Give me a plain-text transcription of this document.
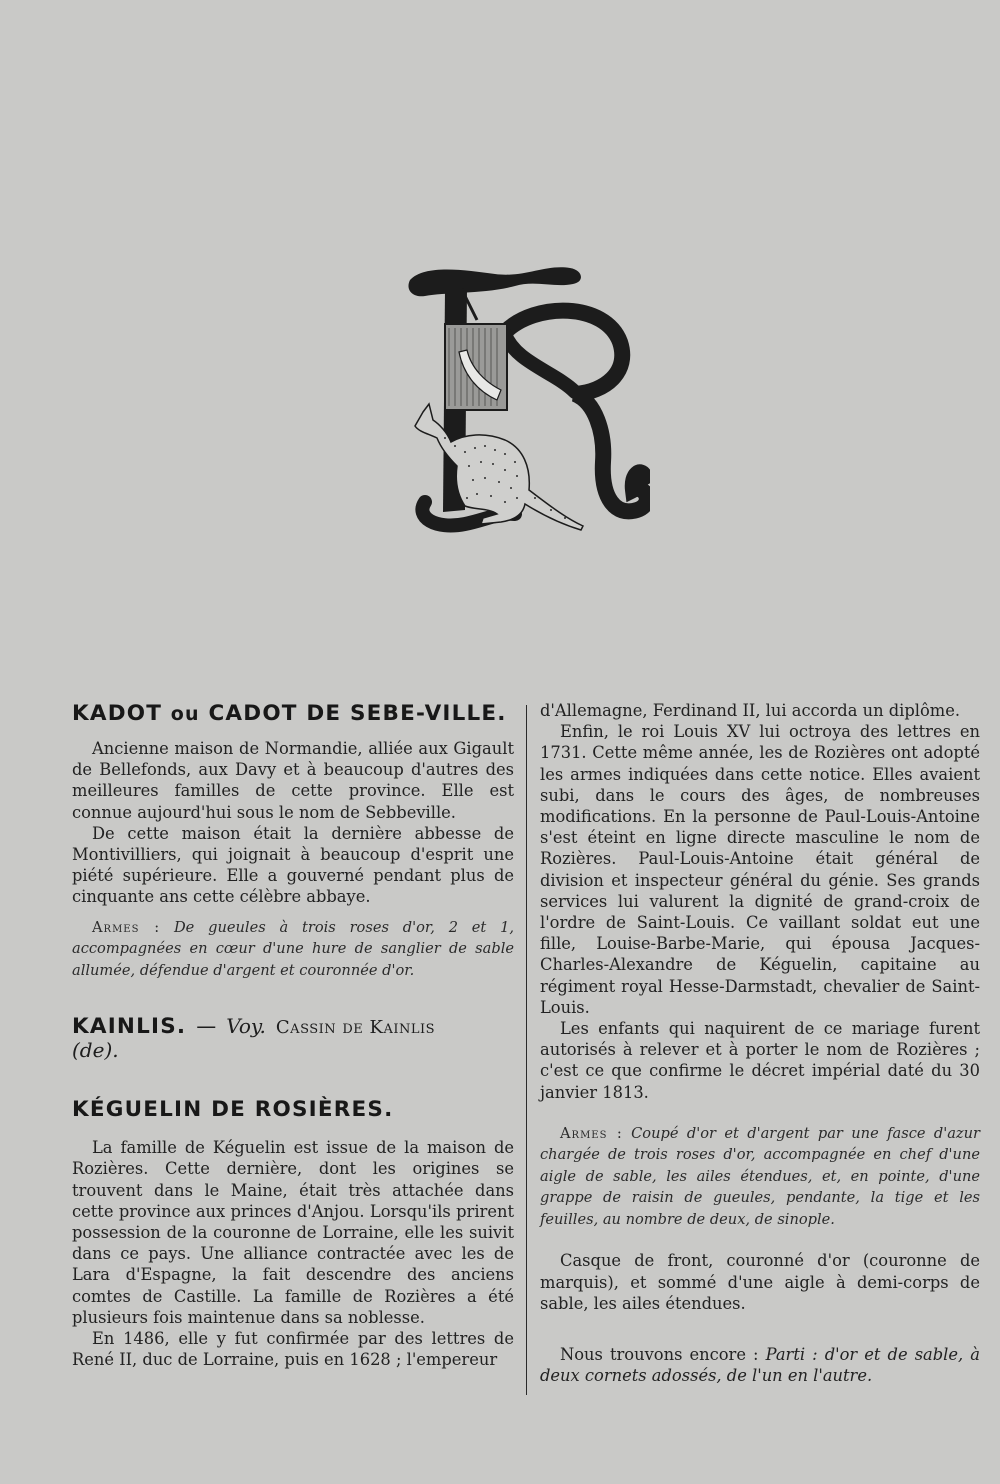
KADOT ou CADOT DE SEBE-VILLE.

Ancienne maison de Normandie, alliée aux Gigault de Bellefonds, aux Davy et à beaucoup d'autres des meilleures familles de cette province. Elle est connue aujourd'hui sous le nom de Sebbeville.

De cette maison était la dernière abbesse de Montivilliers, qui joignait à beaucoup d'esprit une piété supérieure. Elle a gouverné pendant plus de cinquante ans cette célèbre abbaye.

Armes : De gueules à trois roses d'or, 2 et 1, accompagnées en cœur d'une hure de sanglier de sable allumée, défendue d'argent et couronnée d'or.

KAINLIS. — Voy. Cassin de Kainlis
(de).
KÉGUELIN DE ROSIÈRES.

La famille de Kéguelin est issue de la maison de Rozières. Cette dernière, dont les origines se trouvent dans le Maine, était très attachée dans cette province aux princes d'Anjou. Lorsqu'ils prirent possession de la couronne de Lorraine, elle les suivit dans ce pays. Une alliance contractée avec les de Lara d'Espagne, la fait descendre des anciens comtes de Castille. La famille de Rozières a été plusieurs fois maintenue dans sa noblesse.

En 1486, elle y fut confirmée par des lettres de René II, duc de Lorraine, puis en 1628 ; l'empereur

d'Allemagne, Ferdinand II, lui accorda un diplôme.

Enfin, le roi Louis XV lui octroya des lettres en 1731. Cette même année, les de Rozières ont adopté les armes indiquées dans cette notice. Elles avaient subi, dans le cours des âges, de nombreuses modifications. En la personne de Paul-Louis-Antoine s'est éteint en ligne directe masculine le nom de Rozières. Paul-Louis-Antoine était général de division et inspecteur général du génie. Ses grands services lui valurent la dignité de grand-croix de l'ordre de Saint-Louis. Ce vaillant soldat eut une fille, Louise-Barbe-Marie, qui épousa Jacques-Charles-Alexandre de Kéguelin, capitaine au régiment royal Hesse-Darmstadt, chevalier de Saint-Louis.

Les enfants qui naquirent de ce mariage furent autorisés à relever et à porter le nom de Rozières ; c'est ce que confirme le décret impérial daté du 30 janvier 1813.

Armes : Coupé d'or et d'argent par une fasce d'azur chargée de trois roses d'or, accompagnée en chef d'une aigle de sable, les ailes étendues, et, en pointe, d'une grappe de raisin de gueules, pendante, la tige et les feuilles, au nombre de deux, de sinople.

Casque de front, couronné d'or (couronne de marquis), et sommé d'une aigle à demi-corps de sable, les ailes étendues.

Nous trouvons encore : Parti : d'or et de sable, à deux cornets adossés, de l'un en l'autre.
